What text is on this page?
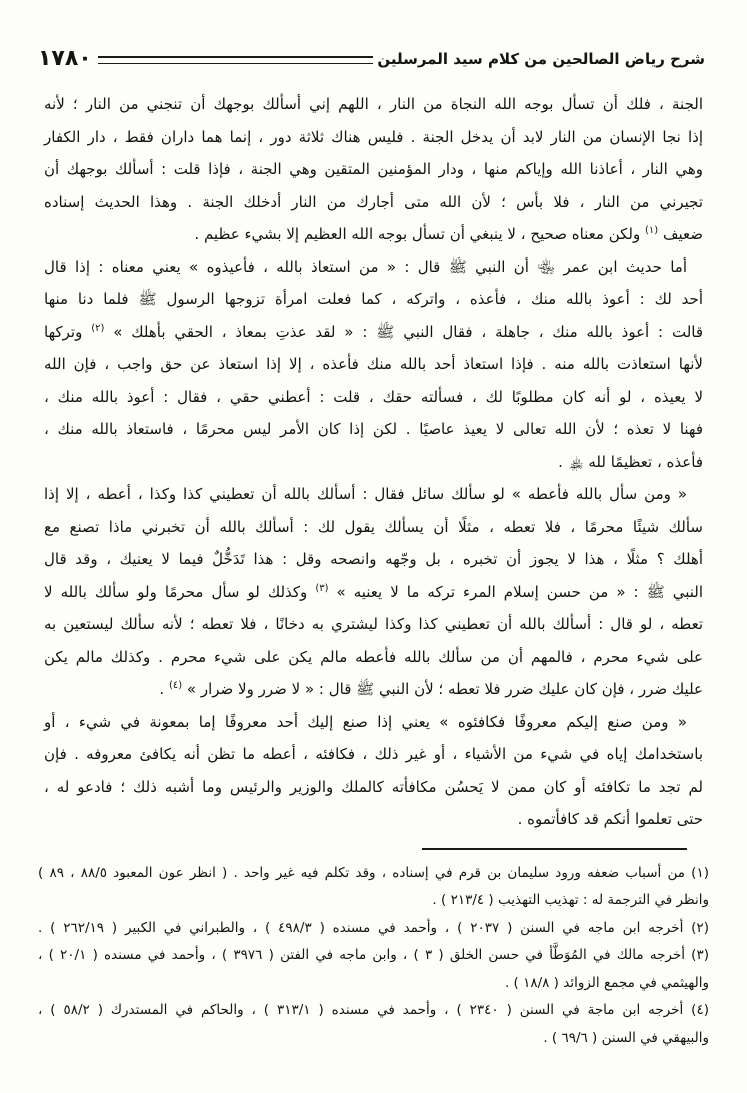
١٧٨٠	شرح رياض الصالحين من كلام سيد المرسلين
الجنة ، فلك أن تسأل بوجه الله النجاة من النار ، اللهم إني أسألك بوجهك أن تنجني من النار ؛ لأنه
إذا نجا الإنسان من النار لابد أن يدخل الجنة . فليس هناك ثلاثة دور ، إنما هما داران فقط ، دار الكفار
وهي النار ، أعاذنا الله وإياكم منها ، ودار المؤمنين المتقين وهي الجنة ، فإذا قلت : أسألك بوجهك أن
تجيرني من النار ، فلا بأس ؛ لأن الله متى أجارك من النار أدخلك الجنة . وهذا الحديث إسناده
ضعيف $^{(١)}$ ولكن معناه صحيح ، لا ينبغي أن تسأل بوجه الله العظيم إلا بشيء عظيم .
أما حديث ابن عمر ﵄ أن النبي ﷺ قال : « من استعاذ بالله ، فأعيذوه » يعني معناه : إذا قال
أحد لك : أعوذ بالله منك ، فأعذه ، واتركه ، كما فعلت امرأة تزوجها الرسول ﷺ فلما دنا منها
قالت : أعوذ بالله منك ، جاهلة ، فقال النبي ﷺ : « لقد عذتِ بمعاذ ، الحقي بأهلك » $^{(٢)}$ وتركها
لأنها استعاذت بالله منه . فإذا استعاذ أحد بالله منك فأعذه ، إلا إذا استعاذ عن حق واجب ، فإن الله
لا يعيذه ، لو أنه كان مطلوبًا لك ، فسألته حقك ، قلت : أعطني حقي ، فقال : أعوذ بالله منك ،
فهنا لا تعذه ؛ لأن الله تعالى لا يعيذ عاصيًا . لكن إذا كان الأمر ليس محرمًا ، فاستعاذ بالله منك ،
فأعذه ، تعظيمًا لله ﵏ .
« ومن سأل بالله فأعطه » لو سألك سائل فقال : أسألك بالله أن تعطيني كذا وكذا ، أعطه ، إلا إذا
سألك شيئًا محرمًا ، فلا تعطه ، مثلًا أن يسألك يقول لك : أسألك بالله أن تخبرني ماذا تصنع مع
أهلك ؟ مثلًا ، هذا لا يجوز أن تخبره ، بل وجّهه وانصحه وقل : هذا تَدَخُّلٌ فيما لا يعنيك ، وقد قال
النبي ﷺ : « من حسن إسلام المرء تركه ما لا يعنيه » $^{(٣)}$ وكذلك لو سأل محرمًا ولو سألك بالله لا
تعطه ، لو قال : أسألك بالله أن تعطيني كذا وكذا ليشتري به دخانًا ، فلا تعطه ؛ لأنه سألك ليستعين به
على شيء محرم ، فالمهم أن من سألك بالله فأعطه مالم يكن على شيء محرم . وكذلك مالم يكن
عليك ضرر ، فإن كان عليك ضرر فلا تعطه ؛ لأن النبي ﷺ قال : « لا ضرر ولا ضرار » $^{(٤)}$ .
« ومن صنع إليكم معروفًا فكافئوه » يعني إذا صنع إليك أحد معروفًا إما بمعونة في شيء ، أو
باستخدامك إياه في شيء من الأشياء ، أو غير ذلك ، فكافئه ، أعطه ما تظن أنه يكافئ معروفه . فإن
لم تجد ما تكافئه أو كان ممن لا يَحسُن مكافأته كالملك والوزير والرئيس وما أشبه ذلك ؛ فادعو له ،
حتى تعلموا أنكم قد كافأتموه .
(١) من أسباب ضعفه ورود سليمان بن قرم في إسناده ، وقد تكلم فيه غير واحد . ( انظر عون المعبود ٨٨/٥ ، ٨٩ )
وانظر في الترجمة له : تهذيب التهذيب ( ٢١٣/٤ ) .
(٢) أخرجه ابن ماجه في السنن ( ٢٠٣٧ ) ، وأحمد في مسنده ( ٤٩٨/٣ ) ، والطبراني في الكبير ( ٢٦٢/١٩ ) .
(٣) أخرجه مالك في المُوَطَّأ في حسن الخلق ( ٣ ) ، وابن ماجه في الفتن ( ٣٩٧٦ ) ، وأحمد في مسنده ( ٢٠/١ ) ،
والهيثمي في مجمع الزوائد ( ١٨/٨ ) .
(٤) أخرجه ابن ماجة في السنن ( ٢٣٤٠ ) ، وأحمد في مسنده ( ٣١٣/١ ) ، والحاكم في المستدرك ( ٥٨/٢ ) ،
والبيهقي في السنن ( ٦٩/٦ ) .
